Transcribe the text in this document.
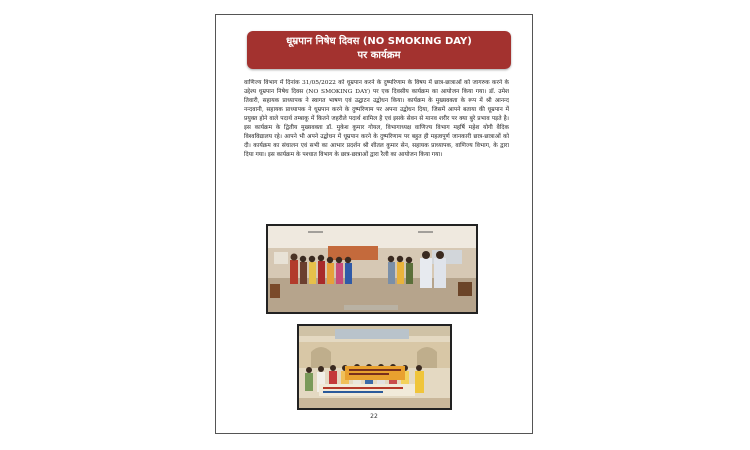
धूम्रपान निषेध दिवस (NO SMOKING DAY)
पर कार्यक्रम
वाणिज्य विभाग में दिनांक 31/05/2022 को धूम्रपान करने के दुष्परिणाम के विषय में छात्र-छात्राओं को जागरुक करने के उद्देश्य धूम्रपान निषेध दिवस (NO SMOKING DAY) पर एक दिवसीय कार्यक्रम का आयोजन किया गया। डॉ. उमेश तिवारी, सहायक प्राध्यापक ने स्वागत भाषण एवं उद्घाटन उद्बोधन किया। कार्यक्रम के मुख्यवक्ता के रूप में श्री आनन्द नन्दवानी, सहायक प्राध्यापक ने धूम्रपान करने के दुष्परिणाम पर अपना उद्बोधन दिया, जिसमें आपने बताया की धूम्रपान में प्रयुक्त होने वाले पदार्थ तम्बाकू में कितने जहरीले पदार्थ शामिल है एवं इसके सेवन से मानव शरीर पर क्या बुरे प्रभाव पड़ते है। इस कार्यक्रम के द्वितीय मुख्यवक्ता डॉ. मुकेश कुमार गोयल, विभागाध्यक्ष वाणिज्य विभाग महर्षि महेश योगी वैदिक विश्वविद्यालय रहे। आपने भी अपने उद्बोधन में धूम्रपान करने के दुष्परिणाम पर बहुत ही महत्वपूर्ण जानकारी छात्र-छात्राओं को दी। कार्यक्रम का संचालन एवं सभी का आभार प्रदर्शन श्री शीतल कुमार सेन, सहायक प्राध्यापक, वाणिज्य विभाग, के द्वारा दिया गया। इस कार्यक्रम के पश्चात विभाग के छात्र-छात्राओं द्वारा रैली का आयोजन किया गया।
22
